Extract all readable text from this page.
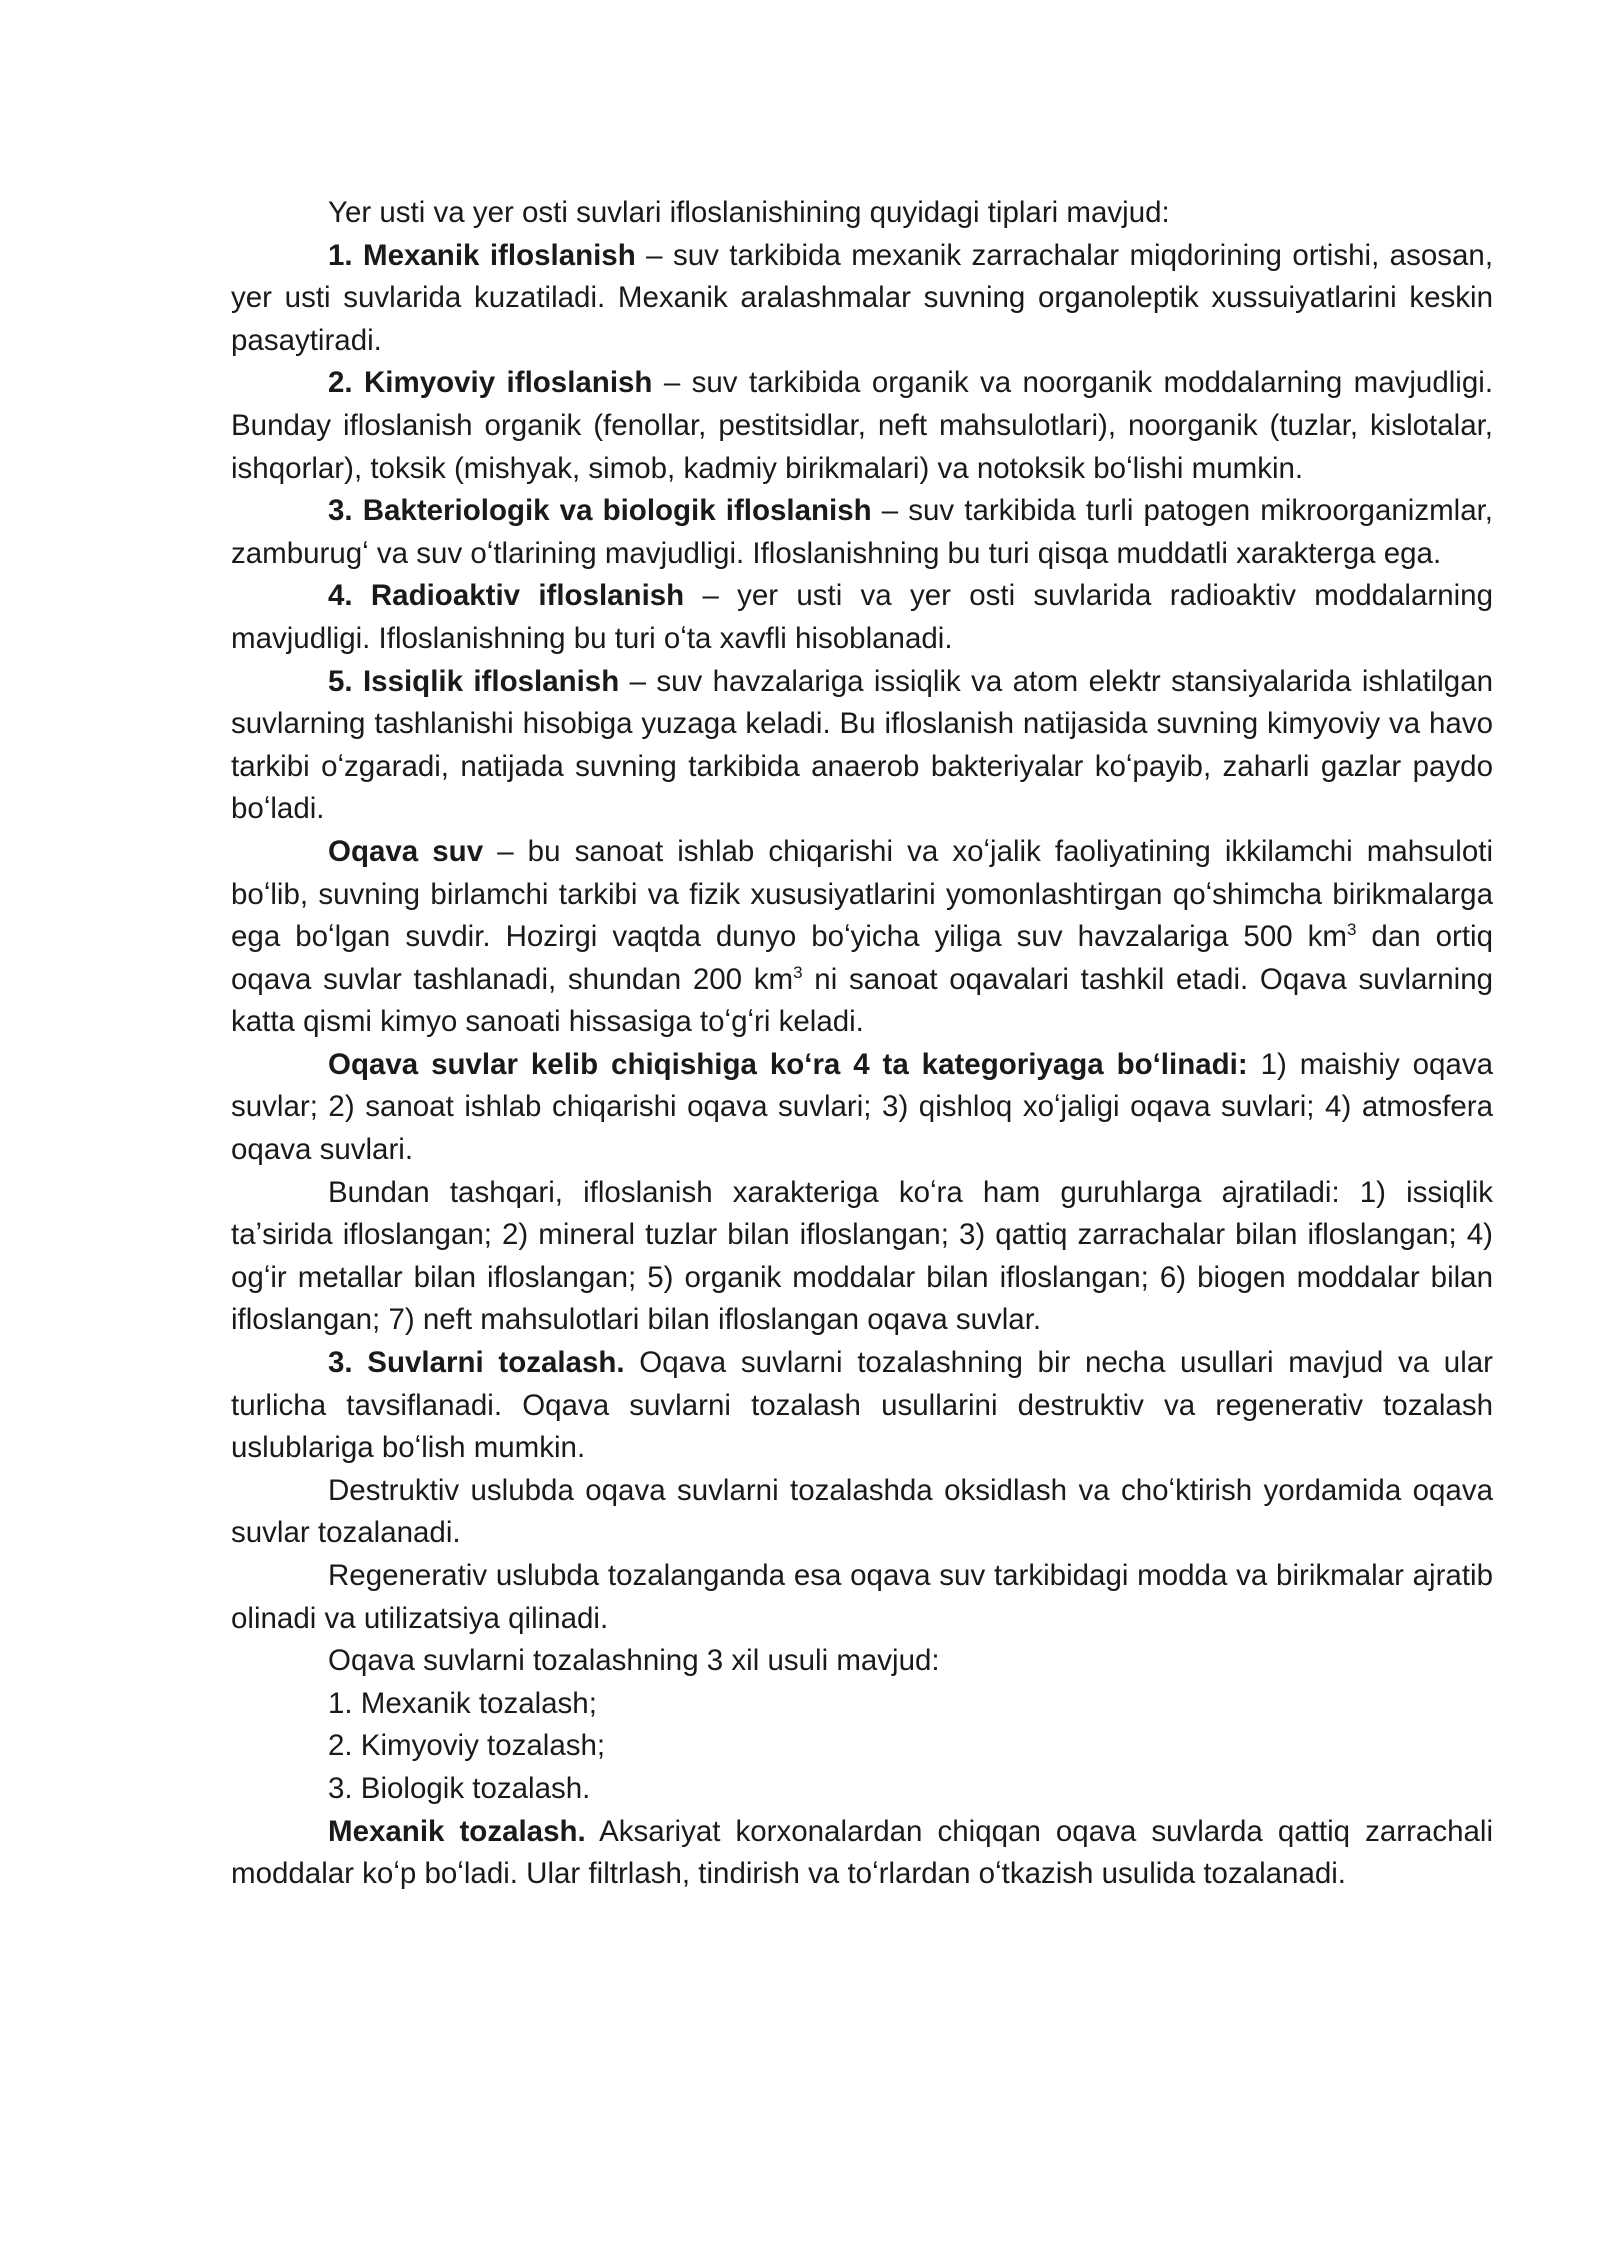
Yer usti va yer osti suvlari ifloslanishining quyidagi tiplari mavjud:

1. Mexanik ifloslanish – suv tarkibida mexanik zarrachalar miqdorining ortishi, asosan, yer usti suvlarida kuzatiladi. Mexanik aralashmalar suvning organoleptik xussuiyatlarini keskin pasaytiradi.

2. Kimyoviy ifloslanish – suv tarkibida organik va noorganik moddalarning mavjudligi. Bunday ifloslanish organik (fenollar, pestitsidlar, neft mahsulotlari), noorganik (tuzlar, kislotalar, ishqorlar), toksik (mishyak, simob, kadmiy birikmalari) va notoksik boʻlishi mumkin.

3. Bakteriologik va biologik ifloslanish – suv tarkibida turli patogen mikroorganizmlar, zamburugʻ va suv oʻtlarining mavjudligi. Ifloslanishning bu turi qisqa muddatli xarakterga ega.

4. Radioaktiv ifloslanish – yer usti va yer osti suvlarida radioaktiv moddalarning mavjudligi. Ifloslanishning bu turi oʻta xavfli hisoblanadi.

5. Issiqlik ifloslanish – suv havzalariga issiqlik va atom elektr stansiyalarida ishlatilgan suvlarning tashlanishi hisobiga yuzaga keladi. Bu ifloslanish natijasida suvning kimyoviy va havo tarkibi oʻzgaradi, natijada suvning tarkibida anaerob bakteriyalar koʻpayib, zaharli gazlar paydo boʻladi.

Oqava suv – bu sanoat ishlab chiqarishi va xoʻjalik faoliyatining ikkilamchi mahsuloti boʻlib, suvning birlamchi tarkibi va fizik xususiyatlarini yomonlashtirgan qoʻshimcha birikmalarga ega boʻlgan suvdir. Hozirgi vaqtda dunyo boʻyicha yiliga suv havzalariga 500 $km^3$ dan ortiq oqava suvlar tashlanadi, shundan 200 $km^3$ ni sanoat oqavalari tashkil etadi. Oqava suvlarning katta qismi kimyo sanoati hissasiga toʻgʻri keladi.

Oqava suvlar kelib chiqishiga koʻra 4 ta kategoriyaga boʻlinadi: 1) maishiy oqava suvlar; 2) sanoat ishlab chiqarishi oqava suvlari; 3) qishloq xoʻjaligi oqava suvlari; 4) atmosfera oqava suvlari.

Bundan tashqari, ifloslanish xarakteriga koʻra ham guruhlarga ajratiladi: 1) issiqlik taʼsirida ifloslangan; 2) mineral tuzlar bilan ifloslangan; 3) qattiq zarrachalar bilan ifloslangan; 4) ogʻir metallar bilan ifloslangan; 5) organik moddalar bilan ifloslangan; 6) biogen moddalar bilan ifloslangan; 7) neft mahsulotlari bilan ifloslangan oqava suvlar.

3. Suvlarni tozalash. Oqava suvlarni tozalashning bir necha usullari mavjud va ular turlicha tavsiflanadi. Oqava suvlarni tozalash usullarini destruktiv va regenerativ tozalash uslublariga boʻlish mumkin.

Destruktiv uslubda oqava suvlarni tozalashda oksidlash va choʻktirish yordamida oqava suvlar tozalanadi.

Regenerativ uslubda tozalanganda esa oqava suv tarkibidagi modda va birikmalar ajratib olinadi va utilizatsiya qilinadi.

Oqava suvlarni tozalashning 3 xil usuli mavjud:

1. Mexanik tozalash;

2. Kimyoviy tozalash;

3. Biologik tozalash.

Mexanik tozalash. Aksariyat korxonalardan chiqqan oqava suvlarda qattiq zarrachali moddalar koʻp boʻladi. Ular filtrlash, tindirish va toʻrlardan oʻtkazish usulida tozalanadi.
